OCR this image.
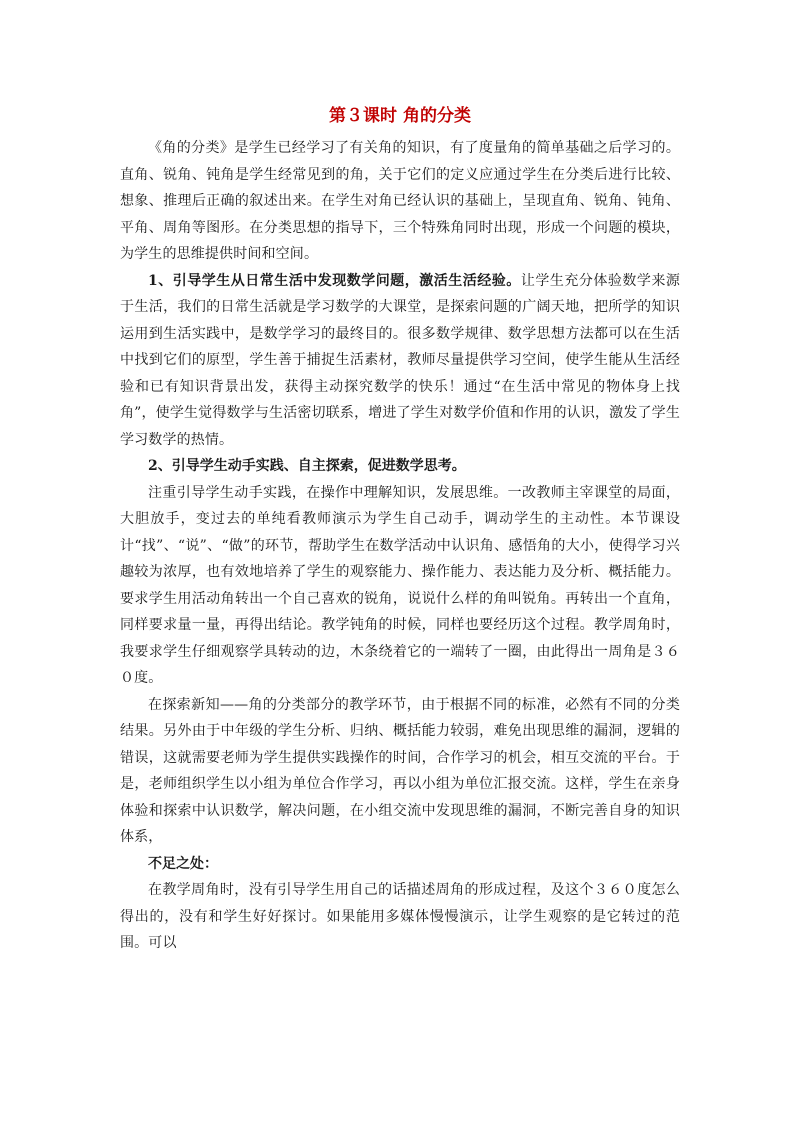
第３课时 角的分类

《角的分类》是学生已经学习了有关角的知识，有了度量角的简单基础之后学习的。直角、锐角、钝角是学生经常见到的角，关于它们的定义应通过学生在分类后进行比较、想象、推理后正确的叙述出来。在学生对角已经认识的基础上，呈现直角、锐角、钝角、平角、周角等图形。在分类思想的指导下，三个特殊角同时出现，形成一个问题的模块，为学生的思维提供时间和空间。

1、引导学生从日常生活中发现数学问题，激活生活经验。让学生充分体验数学来源于生活，我们的日常生活就是学习数学的大课堂，是探索问题的广阔天地，把所学的知识运用到生活实践中，是数学学习的最终目的。很多数学规律、数学思想方法都可以在生活中找到它们的原型，学生善于捕捉生活素材，教师尽量提供学习空间，使学生能从生活经验和已有知识背景出发，获得主动探究数学的快乐！通过“在生活中常见的物体身上找角”，使学生觉得数学与生活密切联系，增进了学生对数学价值和作用的认识，激发了学生学习数学的热情。

2、引导学生动手实践、自主探索，促进数学思考。

注重引导学生动手实践，在操作中理解知识，发展思维。一改教师主宰课堂的局面，大胆放手，变过去的单纯看教师演示为学生自己动手，调动学生的主动性。本节课设计“找”、“说”、“做”的环节，帮助学生在数学活动中认识角、感悟角的大小，使得学习兴趣较为浓厚，也有效地培养了学生的观察能力、操作能力、表达能力及分析、概括能力。要求学生用活动角转出一个自己喜欢的锐角，说说什么样的角叫锐角。再转出一个直角，同样要求量一量，再得出结论。教学钝角的时候，同样也要经历这个过程。教学周角时，我要求学生仔细观察学具转动的边，木条绕着它的一端转了一圈，由此得出一周角是３６０度。

在探索新知——角的分类部分的教学环节，由于根据不同的标准，必然有不同的分类结果。另外由于中年级的学生分析、归纳、概括能力较弱，难免出现思维的漏洞，逻辑的错误，这就需要老师为学生提供实践操作的时间，合作学习的机会，相互交流的平台。于是，老师组织学生以小组为单位合作学习，再以小组为单位汇报交流。这样，学生在亲身体验和探索中认识数学，解决问题，在小组交流中发现思维的漏洞，不断完善自身的知识体系，

不足之处：

在教学周角时，没有引导学生用自己的话描述周角的形成过程，及这个３６０度怎么得出的，没有和学生好好探讨。如果能用多媒体慢慢演示，让学生观察的是它转过的范围。可以
